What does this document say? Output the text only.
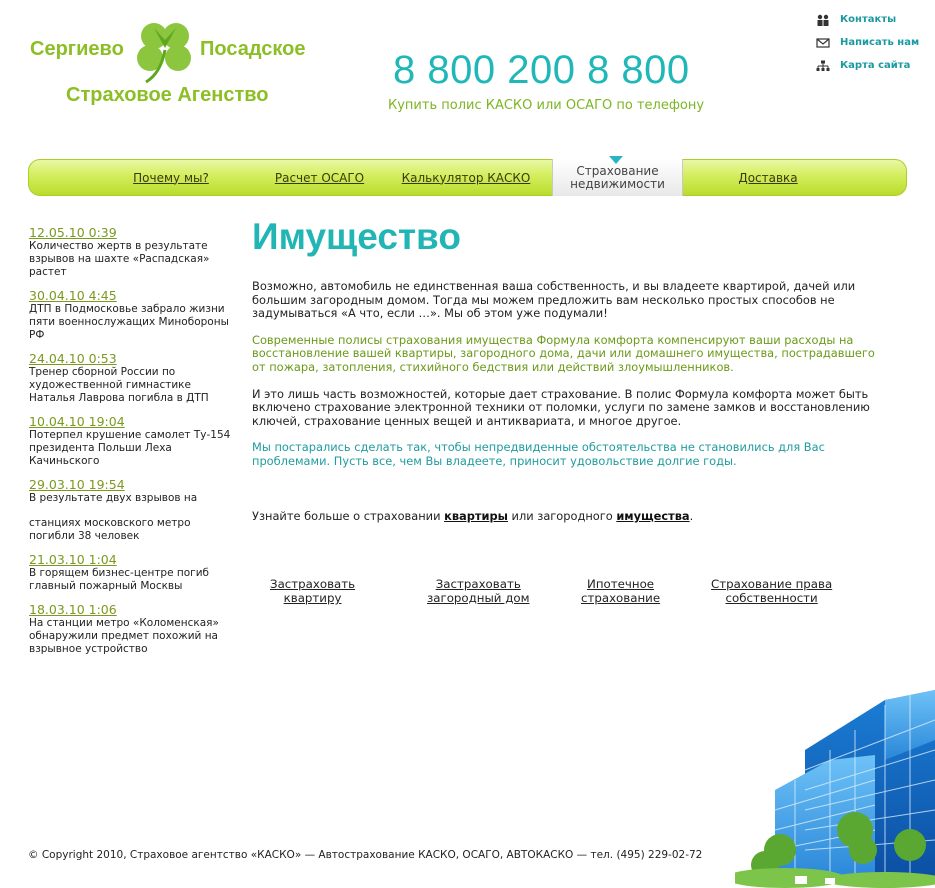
Сергиево	Посадское
Страховое Агенство
8 800 200 8 800
Купить полис КАСКО или ОСАГО по телефону
Контакты
Написать нам
Карта сайта
Почему мы?	Расчет ОСАГО	Калькулятор КАСКО	Страхование недвижимости	Доставка
12.05.10 0:39
Количество жертв в результате взрывов на шахте «Распадская» растет
30.04.10 4:45
ДТП в Подмосковье забрало жизни пяти военнослужащих Минобороны РФ
24.04.10 0:53
Тренер сборной России по художественной гимнастике Наталья Лаврова погибла в ДТП
10.04.10 19:04
Потерпел крушение самолет Ту-154 президента Польши Леха Качиньского
29.03.10 19:54
В результате двух взрывов на
станциях московского метро погибли 38 человек
21.03.10 1:04
В горящем бизнес-центре погиб главный пожарный Москвы
18.03.10 1:06
На станции метро «Коломенская» обнаружили предмет похожий на взрывное устройство
Имущество

Возможно, автомобиль не единственная ваша собственность, и вы владеете квартирой, дачей или большим загородным домом. Тогда мы можем предложить вам несколько простых способов не задумываться «А что, если …». Мы об этом уже подумали!

Современные полисы страхования имущества Формула комфорта компенсируют ваши расходы на восстановление вашей квартиры, загородного дома, дачи или домашнего имущества, пострадавшего от пожара, затопления, стихийного бедствия или действий злоумышленников.

И это лишь часть возможностей, которые дает страхование. В полис Формула комфорта может быть включено страхование электронной техники от поломки, услуги по замене замков и восстановлению ключей, страхование ценных вещей и антиквариата, и многое другое.

Мы постарались сделать так, чтобы непредвиденные обстоятельства не становились для Вас проблемами. Пусть все, чем Вы владеете, приносит удовольствие долгие годы.

Узнайте больше о страховании квартиры или загородного имущества.
Застраховать
квартиру
Застраховать
загородный дом
Ипотечное
страхование
Страхование права
собственности
© Copyright 2010, Страховое агентство «КАСКО» — Автострахование КАСКО, ОСАГО, АВТОКАСКО — тел. (495) 229-02-72
